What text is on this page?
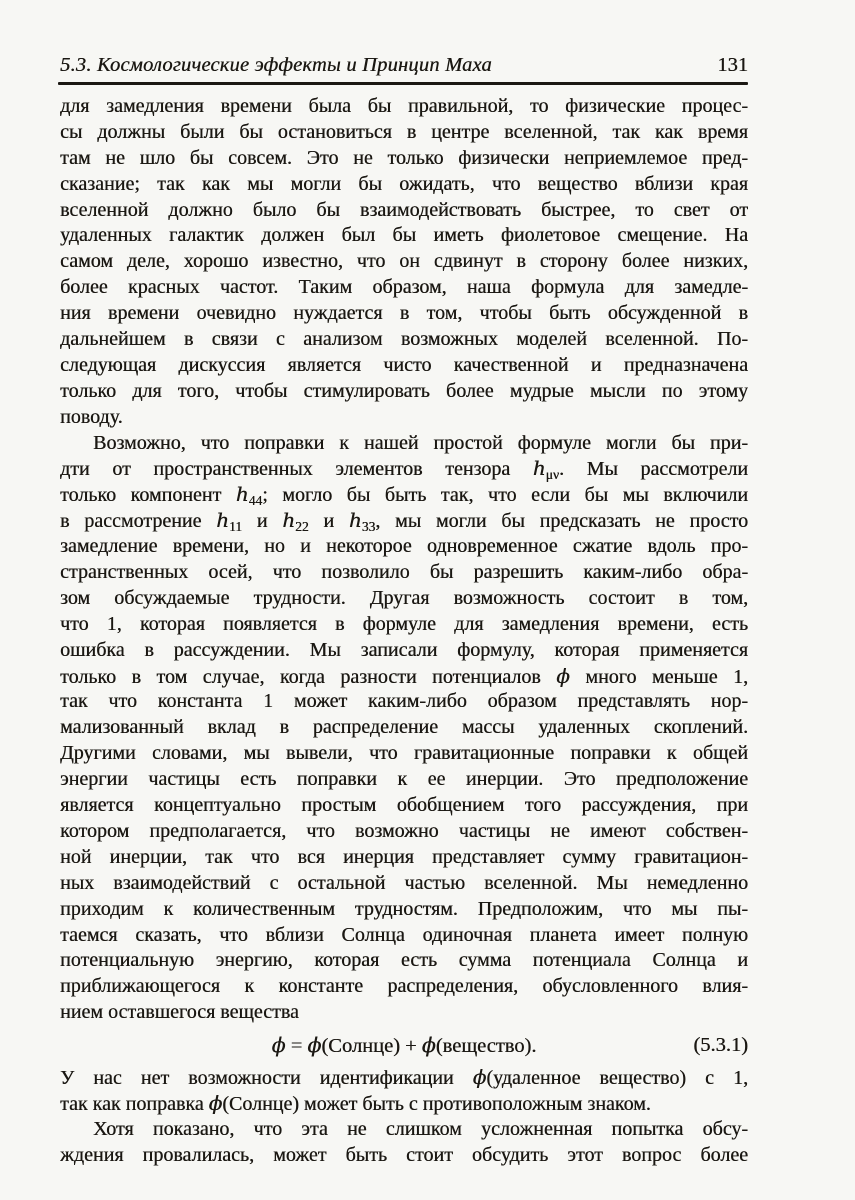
5.3. Космологические эффекты и Принцип Маха	131
для замедления времени была бы правильной, то физические процес-
сы должны были бы остановиться в центре вселенной, так как время
там не шло бы совсем. Это не только физически неприемлемое пред-
сказание; так как мы могли бы ожидать, что вещество вблизи края
вселенной должно было бы взаимодействовать быстрее, то свет от
удаленных галактик должен был бы иметь фиолетовое смещение. На
самом деле, хорошо известно, что он сдвинут в сторону более низких,
более красных частот. Таким образом, наша формула для замедле-
ния времени очевидно нуждается в том, чтобы быть обсужденной в
дальнейшем в связи с анализом возможных моделей вселенной. По-
следующая дискуссия является чисто качественной и предназначена
только для того, чтобы стимулировать более мудрые мысли по этому
поводу.
Возможно, что поправки к нашей простой формуле могли бы при-
дти от пространственных элементов тензора $h_{\mu\nu}$. Мы рассмотрели
только компонент $h_{44}$; могло бы быть так, что если бы мы включили
в рассмотрение $h_{11}$ и $h_{22}$ и $h_{33}$, мы могли бы предсказать не просто
замедление времени, но и некоторое одновременное сжатие вдоль про-
странственных осей, что позволило бы разрешить каким-либо обра-
зом обсуждаемые трудности. Другая возможность состоит в том,
что 1, которая появляется в формуле для замедления времени, есть
ошибка в рассуждении. Мы записали формулу, которая применяется
только в том случае, когда разности потенциалов ϕ много меньше 1,
так что константа 1 может каким-либо образом представлять нор-
мализованный вклад в распределение массы удаленных скоплений.
Другими словами, мы вывели, что гравитационные поправки к общей
энергии частицы есть поправки к ее инерции. Это предположение
является концептуально простым обобщением того рассуждения, при
котором предполагается, что возможно частицы не имеют собствен-
ной инерции, так что вся инерция представляет сумму гравитацион-
ных взаимодействий с остальной частью вселенной. Мы немедленно
приходим к количественным трудностям. Предположим, что мы пы-
таемся сказать, что вблизи Солнца одиночная планета имеет полную
потенциальную энергию, которая есть сумма потенциала Солнца и
приближающегося к константе распределения, обусловленного влия-
нием оставшегося вещества
ϕ = ϕ(Солнце) + ϕ(вещество).	(5.3.1)
У нас нет возможности идентификации ϕ(удаленное вещество) с 1,
так как поправка ϕ(Солнце) может быть с противоположным знаком.
Хотя показано, что эта не слишком усложненная попытка обсу-
ждения провалилась, может быть стоит обсудить этот вопрос более
